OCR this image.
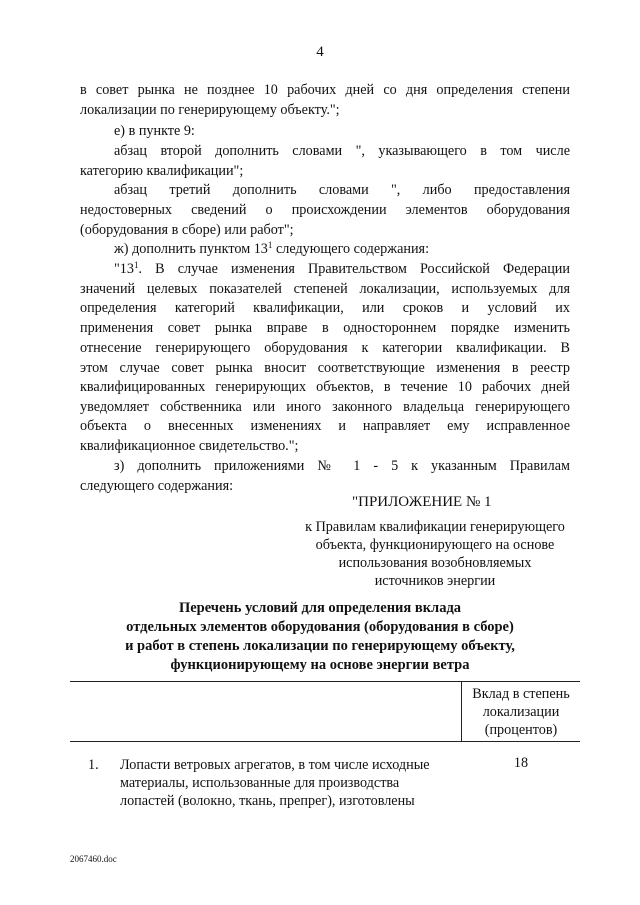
4
в совет рынка не позднее 10 рабочих дней со дня определения степени
локализации по генерирующему объекту.";
е) в пункте 9:
абзац второй дополнить словами ", указывающего в том числе
категорию квалификации";
абзац третий дополнить словами ", либо предоставления
недостоверных сведений о происхождении элементов оборудования
(оборудования в сборе) или работ";
ж) дополнить пунктом $13^1$ следующего содержания:
"$13^1$ . В случае изменения Правительством Российской Федерации
значений целевых показателей степеней локализации, используемых для
определения категорий квалификации, или сроков и условий их
применения совет рынка вправе в одностороннем порядке изменить
отнесение генерирующего оборудования к категории квалификации. В
этом случае совет рынка вносит соответствующие изменения в реестр
квалифицированных генерирующих объектов, в течение 10 рабочих дней
уведомляет собственника или иного законного владельца генерирующего
объекта о внесенных изменениях и направляет ему исправленное
квалификационное свидетельство.";
з) дополнить приложениями № 1 - 5 к указанным Правилам
следующего содержания:
"ПРИЛОЖЕНИЕ № 1
к Правилам квалификации генерирующего
объекта, функционирующего на основе
использования возобновляемых
источников энергии
Перечень условий для определения вклада
отдельных элементов оборудования (оборудования в сборе)
и работ в степень локализации по генерирующему объекту,
функционирующему на основе энергии ветра
Вклад в степень
локализации
(процентов)
1. Лопасти ветровых агрегатов, в том числе исходные
материалы, использованные для производства
лопастей (волокно, ткань, препрег), изготовлены
18
2067460.doc
